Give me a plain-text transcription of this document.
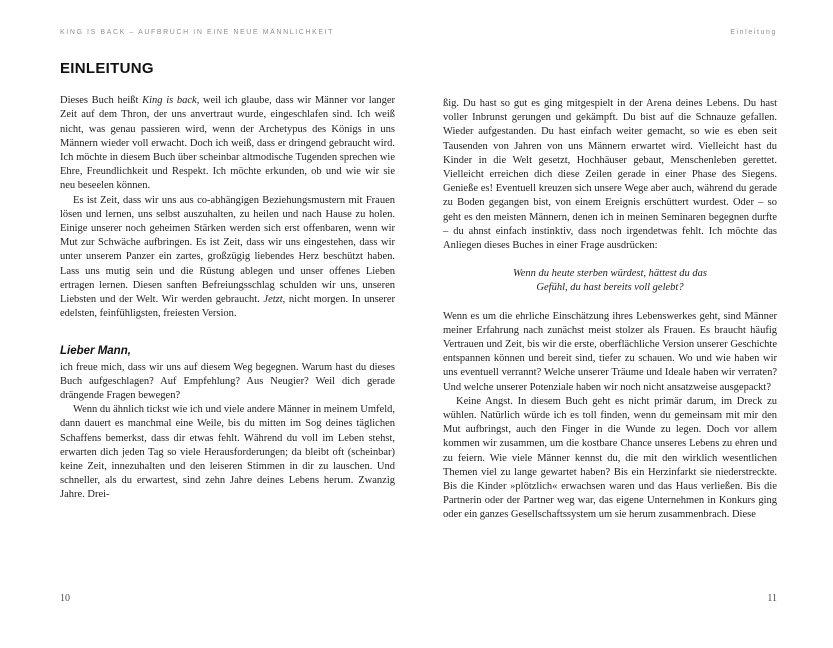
KING IS BACK – AUFBRUCH IN EINE NEUE MÄNNLICHKEIT	Einleitung
EINLEITUNG

Dieses Buch heißt King is back, weil ich glaube, dass wir Männer vor langer Zeit auf dem Thron, der uns anvertraut wurde, eingeschlafen sind. Ich weiß nicht, was genau passieren wird, wenn der Archetypus des Königs in uns Männern wieder voll erwacht. Doch ich weiß, dass er dringend gebraucht wird. Ich möchte in diesem Buch über scheinbar altmodische Tugenden sprechen wie Ehre, Freundlichkeit und Respekt. Ich möchte erkunden, ob und wie wir sie neu beseelen können.

Es ist Zeit, dass wir uns aus co-abhängigen Beziehungsmustern mit Frauen lösen und lernen, uns selbst auszuhalten, zu heilen und nach Hause zu holen. Einige unserer noch geheimen Stärken werden sich erst offenbaren, wenn wir Mut zur Schwäche aufbringen. Es ist Zeit, dass wir uns eingestehen, dass wir unter unserem Panzer ein zartes, großzügig liebendes Herz beschützt haben. Lass uns mutig sein und die Rüstung ablegen und unser offenes Lieben ertragen lernen. Diesen sanften Befreiungsschlag schulden wir uns, unseren Liebsten und der Welt. Wir werden gebraucht. Jetzt, nicht morgen. In unserer edelsten, feinfühligsten, freiesten Version.

Lieber Mann,

ich freue mich, dass wir uns auf diesem Weg begegnen. Warum hast du dieses Buch aufgeschlagen? Auf Empfehlung? Aus Neugier? Weil dich gerade drängende Fragen bewegen?

Wenn du ähnlich tickst wie ich und viele andere Männer in meinem Umfeld, dann dauert es manchmal eine Weile, bis du mitten im Sog deines täglichen Schaffens bemerkst, dass dir etwas fehlt. Während du voll im Leben stehst, erwarten dich jeden Tag so viele Herausforderungen; da bleibt oft (scheinbar) keine Zeit, innezuhalten und den leiseren Stimmen in dir zu lauschen. Und schneller, als du erwartest, sind zehn Jahre deines Lebens herum. Zwanzig Jahre. Drei-

ßig. Du hast so gut es ging mitgespielt in der Arena deines Lebens. Du hast voller Inbrunst gerungen und gekämpft. Du bist auf die Schnauze gefallen. Wieder aufgestanden. Du hast einfach weiter gemacht, so wie es eben seit Tausenden von Jahren von uns Männern erwartet wird. Vielleicht hast du Kinder in die Welt gesetzt, Hochhäuser gebaut, Menschenleben gerettet. Vielleicht erreichen dich diese Zeilen gerade in einer Phase des Siegens. Genieße es! Eventuell kreuzen sich unsere Wege aber auch, während du gerade zu Boden gegangen bist, von einem Ereignis erschüttert wurdest. Oder – so geht es den meisten Männern, denen ich in meinen Seminaren begegnen durfte – du ahnst einfach instinktiv, dass noch irgendetwas fehlt. Ich möchte das Anliegen dieses Buches in einer Frage ausdrücken:

Wenn du heute sterben würdest, hättest du das
Gefühl, du hast bereits voll gelebt?

Wenn es um die ehrliche Einschätzung ihres Lebenswerkes geht, sind Männer meiner Erfahrung nach zunächst meist stolzer als Frauen. Es braucht häufig Vertrauen und Zeit, bis wir die erste, oberflächliche Version unserer Geschichte entspannen können und bereit sind, tiefer zu schauen. Wo und wie haben wir uns eventuell verrannt? Welche unserer Träume und Ideale haben wir verraten? Und welche unserer Potenziale haben wir noch nicht ansatzweise ausgepackt?

Keine Angst. In diesem Buch geht es nicht primär darum, im Dreck zu wühlen. Natürlich würde ich es toll finden, wenn du gemeinsam mit mir den Mut aufbringst, auch den Finger in die Wunde zu legen. Doch vor allem kommen wir zusammen, um die kostbare Chance unseres Lebens zu ehren und zu feiern. Wie viele Männer kennst du, die mit den wirklich wesentlichen Themen viel zu lange gewartet haben? Bis ein Herzinfarkt sie niederstreckte. Bis die Kinder »plötzlich« erwachsen waren und das Haus verließen. Bis die Partnerin oder der Partner weg war, das eigene Unternehmen in Konkurs ging oder ein ganzes Gesellschaftssystem um sie herum zusammenbrach. Diese

10	11
